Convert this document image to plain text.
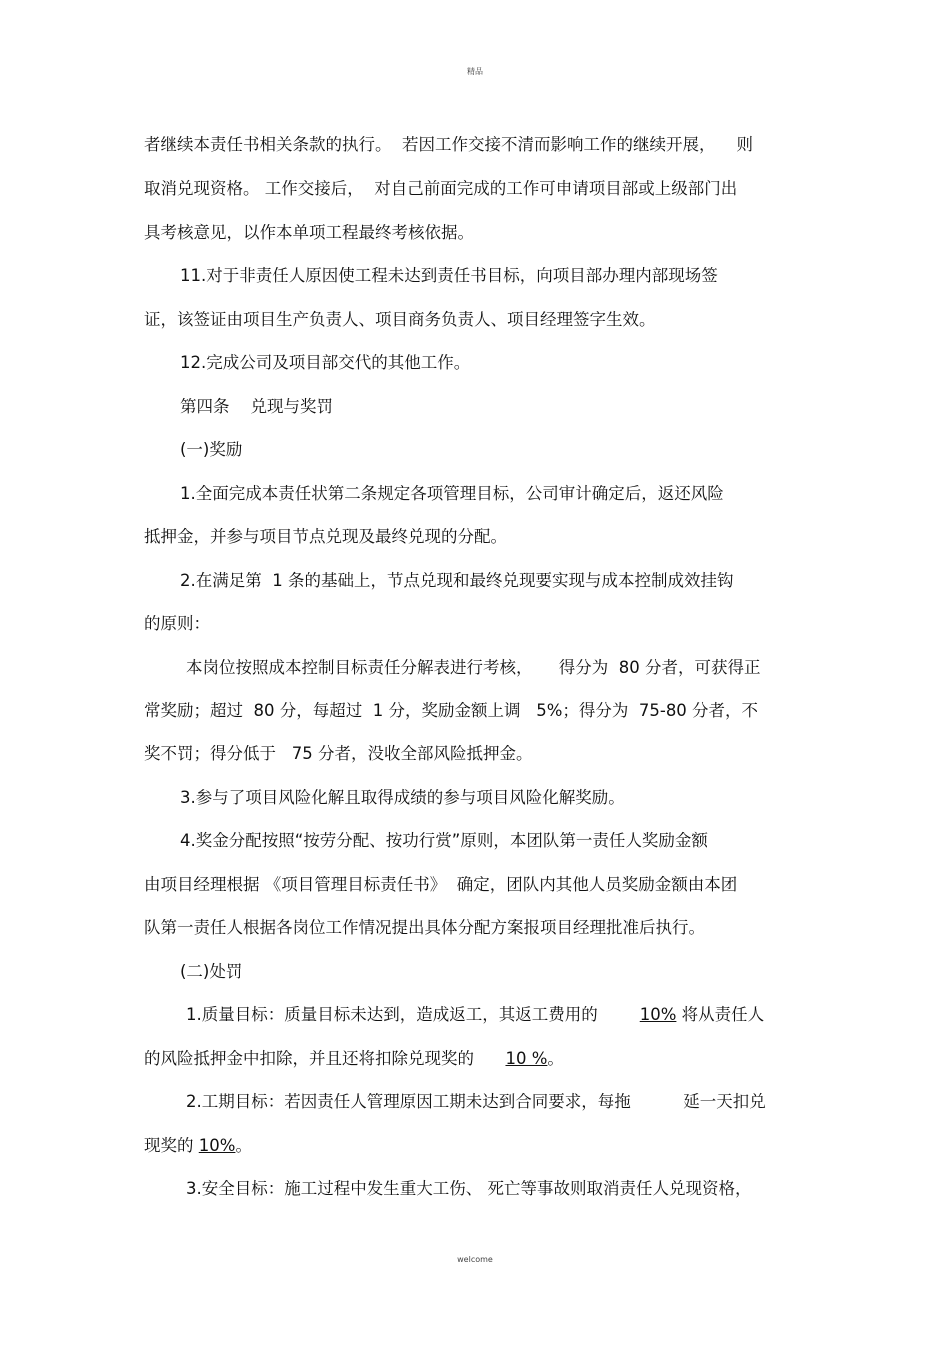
精品
者继续本责任书相关条款的执行。  若因工作交接不清而影响工作的继续开展，    则
取消兑现资格。 工作交接后，  对自己前面完成的工作可申请项目部或上级部门出
具考核意见，以作本单项工程最终考核依据。
11.对于非责任人原因使工程未达到责任书目标，向项目部办理内部现场签
证，该签证由项目生产负责人、项目商务负责人、项目经理签字生效。
12.完成公司及项目部交代的其他工作。
第四条    兑现与奖罚
(一)奖励
1.全面完成本责任状第二条规定各项管理目标，公司审计确定后，返还风险
抵押金，并参与项目节点兑现及最终兑现的分配。
2.在满足第  1 条的基础上，节点兑现和最终兑现要实现与成本控制成效挂钩
的原则：
本岗位按照成本控制目标责任分解表进行考核，     得分为  80 分者，可获得正
常奖励；超过  80 分，每超过  1 分，奖励金额上调   5%；得分为  75-80 分者，不
奖不罚；得分低于   75 分者，没收全部风险抵押金。
3.参与了项目风险化解且取得成绩的参与项目风险化解奖励。
4.奖金分配按照“按劳分配、按功行赏”原则，本团队第一责任人奖励金额
由项目经理根据 《项目管理目标责任书》  确定，团队内其他人员奖励金额由本团
队第一责任人根据各岗位工作情况提出具体分配方案报项目经理批准后执行。
(二)处罚
1.质量目标：质量目标未达到，造成返工，其返工费用的	10% 将从责任人
的风险抵押金中扣除，并且还将扣除兑现奖的 10 %。
2.工期目标：若因责任人管理原因工期未达到合同要求，每拖	延一天扣兑
现奖的 10%。
3.安全目标：施工过程中发生重大工伤、 死亡等事故则取消责任人兑现资格，
welcome
